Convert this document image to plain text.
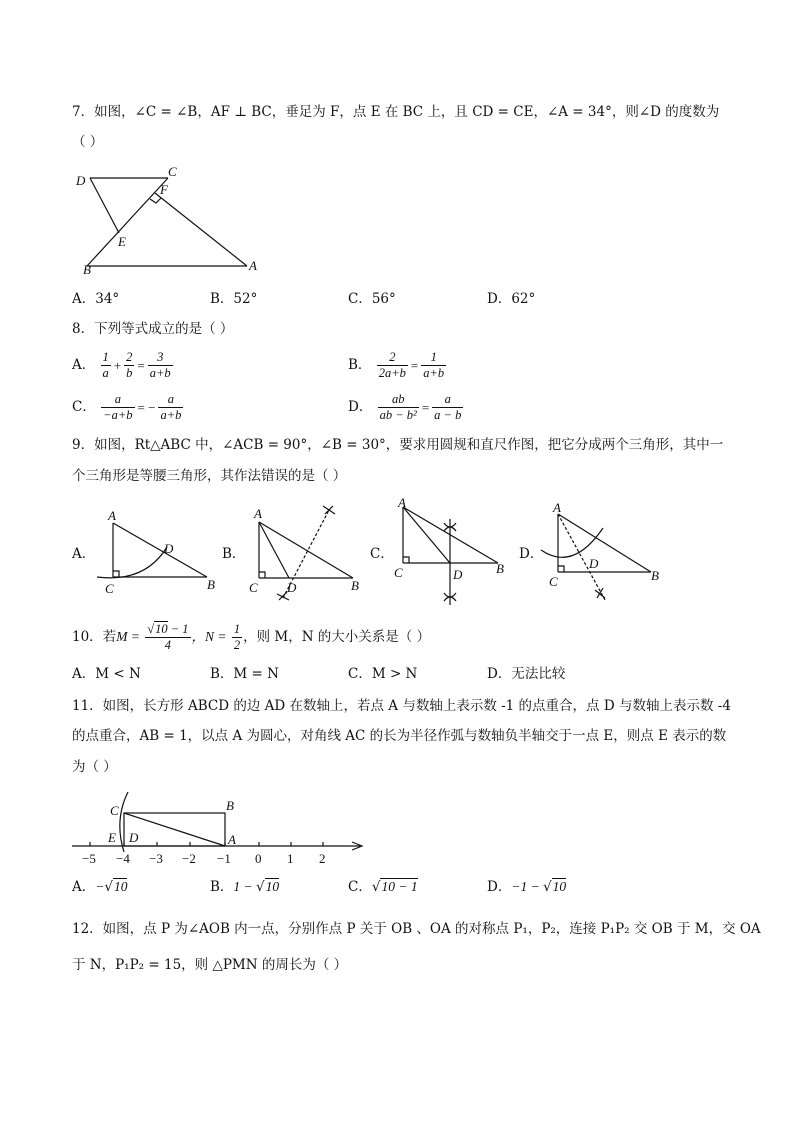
7．如图，∠C = ∠B，AF ⊥ BC，垂足为 F，点 E 在 BC 上，且 CD = CE，∠A = 34°，则∠D 的度数为
（ ）
D
C
F
E
B	A
A．34°	B．52°	C．56°	D．62°
8．下列等式成立的是（ ）
A． $\frac{1}{a} + \frac{2}{b} = \frac{3}{a+b}$	B． $\frac{2}{2a+b} = \frac{1}{a+b}$
C． $\frac{a}{-a+b}$ = − $\frac{a}{a+b}$	D． $\frac{ab}{\text{ab − b²}} = \frac{a}{a - b}$
9．如图，Rt△ABC 中，∠ACB = 90°，∠B = 30°，要求用圆规和直尺作图，把它分成两个三角形，其中一
个三角形是等腰三角形，其作法错误的是（ ）
A．
A
D
C	B
B．
A
C D	B
C．
A
C	D	B
D．
A
D
C	B
10．若$M = \frac{√10 - 1}{4}$ ，$N = \frac{1}{2}$ ，则 M，N 的大小关系是（ ）
A．M < N	B．M = N	C．M > N	D．无法比较
11．如图，长方形 ABCD 的边 AD 在数轴上，若点 A 与数轴上表示数 -1 的点重合，点 D 与数轴上表示数 -4
的点重合，AB = 1，以点 A 为圆心，对角线 AC 的长为半径作弧与数轴负半轴交于一点 E，则点 E 表示的数
为（ ）
C	B
E D	A
−5 −4 −3 −2 −1 0 1 2
A．−√10	B．1 − √10	C．√10 − 1	D．−1 − √10
12．如图，点 P 为∠AOB 内一点，分别作点 P 关于 OB 、OA 的对称点 P₁，P₂，连接 P₁P₂ 交 OB 于 M，交 OA
于 N，P₁P₂ = 15，则 △PMN 的周长为（ ）
